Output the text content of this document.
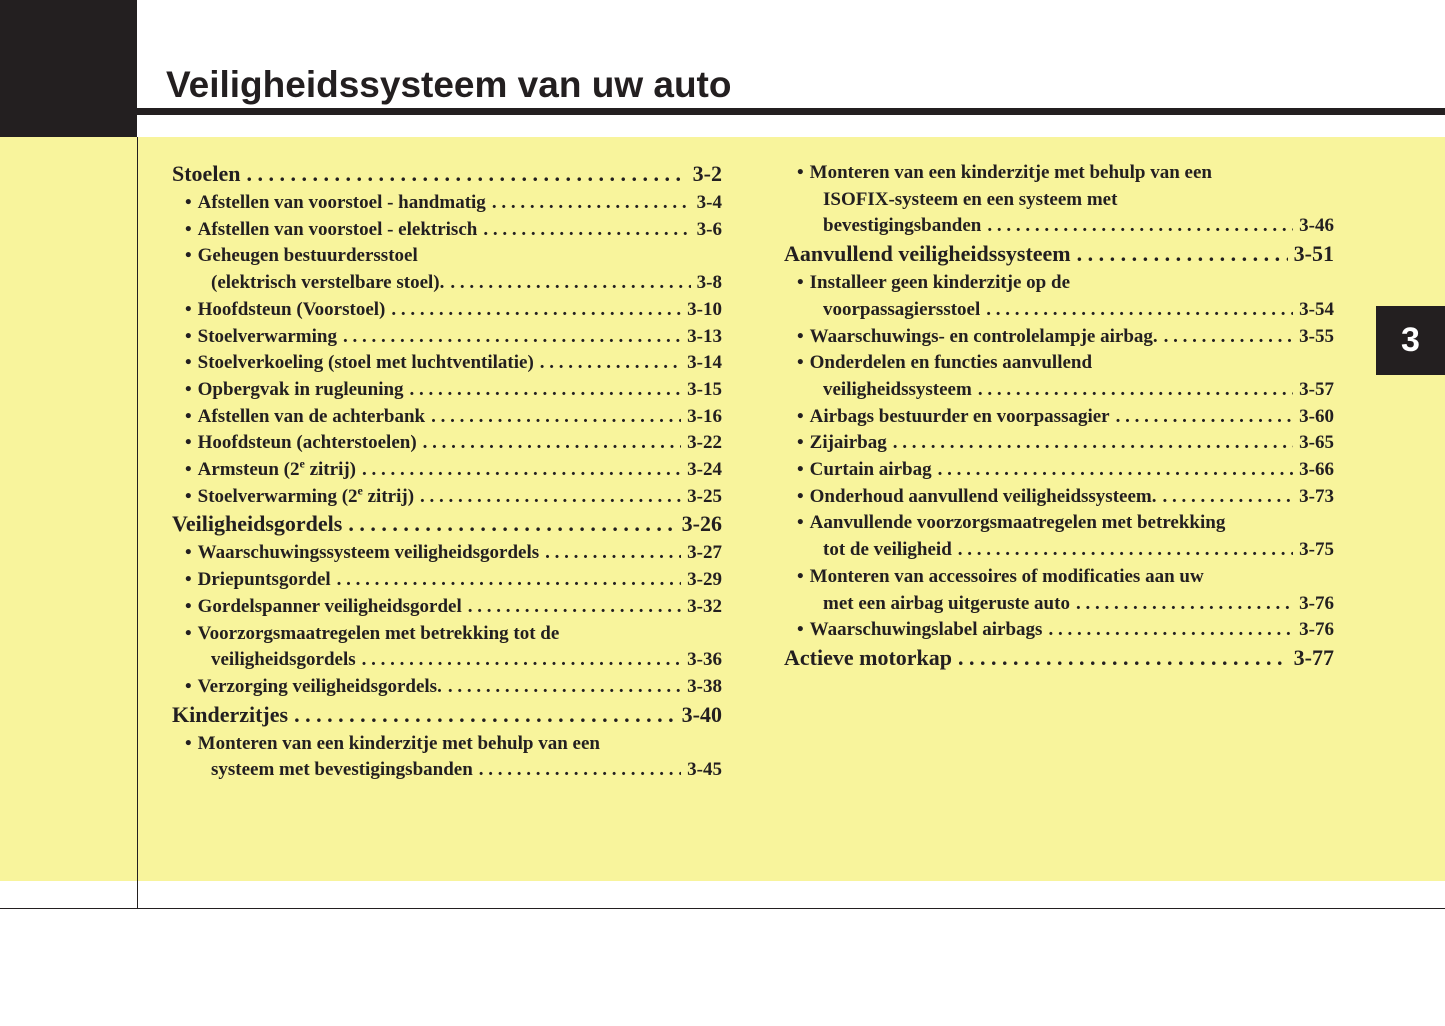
Veiligheidssysteem van uw auto
3
Stoelen . . .	3-2
• Afstellen van voorstoel - handmatig . . .	3-4
• Afstellen van voorstoel - elektrisch . . .	3-6
• Geheugen bestuurdersstoel
(elektrisch verstelbare stoel). . . .	3-8
• Hoofdsteun (Voorstoel) . . .	3-10
• Stoelverwarming . . .	3-13
• Stoelverkoeling (stoel met luchtventilatie) . . .	3-14
• Opbergvak in rugleuning . . .	3-15
• Afstellen van de achterbank . . .	3-16
• Hoofdsteun (achterstoelen) . . .	3-22
• Armsteun (2e zitrij) . . .	3-24
• Stoelverwarming (2e zitrij) . . .	3-25
Veiligheidsgordels . . .	3-26
• Waarschuwingssysteem veiligheidsgordels . . .	3-27
• Driepuntsgordel . . .	3-29
• Gordelspanner veiligheidsgordel . . .	3-32
• Voorzorgsmaatregelen met betrekking tot de
veiligheidsgordels . . .	3-36
• Verzorging veiligheidsgordels. . . .	3-38
Kinderzitjes . . .	3-40
• Monteren van een kinderzitje met behulp van een
systeem met bevestigingsbanden . . .	3-45
• Monteren van een kinderzitje met behulp van een
ISOFIX-systeem en een systeem met
bevestigingsbanden . . .	3-46
Aanvullend veiligheidssysteem . . .	3-51
• Installeer geen kinderzitje op de
voorpassagiersstoel . . .	3-54
• Waarschuwings- en controlelampje airbag. . . .	3-55
• Onderdelen en functies aanvullend
veiligheidssysteem . . .	3-57
• Airbags bestuurder en voorpassagier . . .	3-60
• Zijairbag . . .	3-65
• Curtain airbag . . .	3-66
• Onderhoud aanvullend veiligheidssysteem. . . .	3-73
• Aanvullende voorzorgsmaatregelen met betrekking
tot de veiligheid . . .	3-75
• Monteren van accessoires of modificaties aan uw
met een airbag uitgeruste auto . . .	3-76
• Waarschuwingslabel airbags . . .	3-76
Actieve motorkap . . .	3-77
